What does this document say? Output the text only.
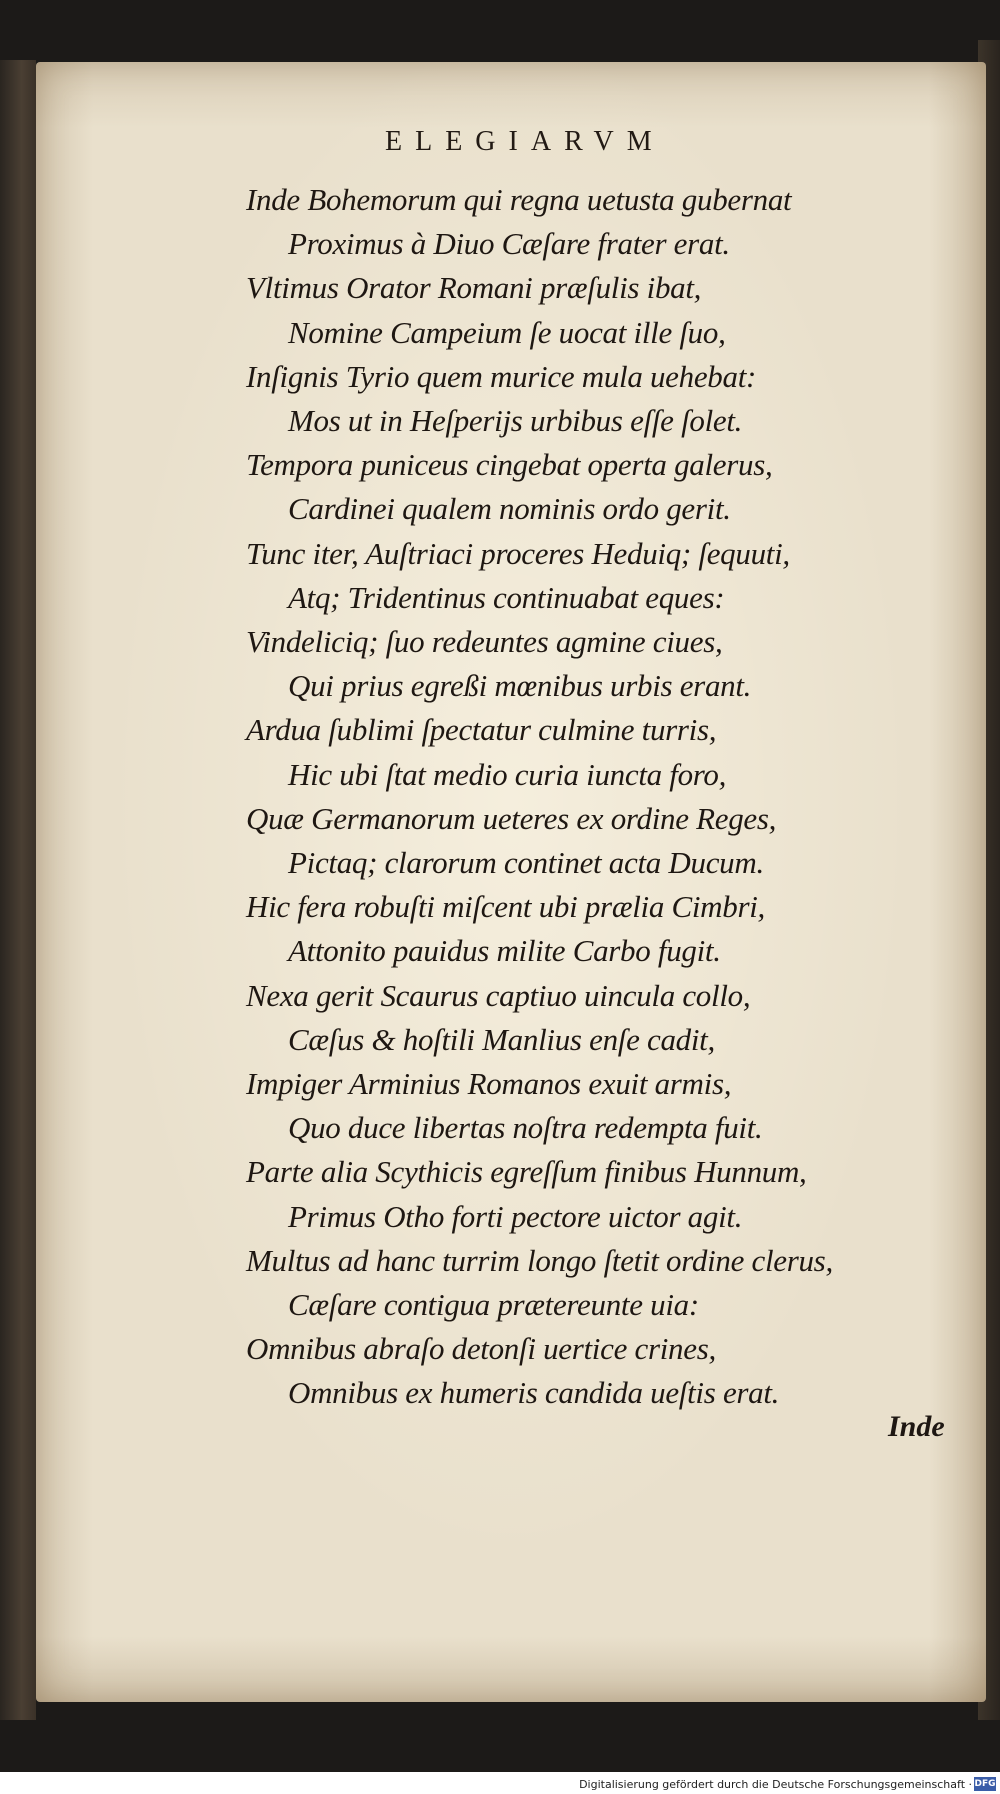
ELEGIARVM
Inde Bohemorum qui regna uetusta gubernat
Proximus à Diuo Cæſare frater erat.
Vltimus Orator Romani præſulis ibat,
Nomine Campeium ſe uocat ille ſuo,
Inſignis Tyrio quem murice mula uehebat:
Mos ut in Heſperijs urbibus eſſe ſolet.
Tempora puniceus cingebat operta galerus,
Cardinei qualem nominis ordo gerit.
Tunc iter, Auſtriaci proceres Heduiq; ſequuti,
Atq; Tridentinus continuabat eques:
Vindeliciq; ſuo redeuntes agmine ciues,
Qui prius egreßi mœnibus urbis erant.
Ardua ſublimi ſpectatur culmine turris,
Hic ubi ſtat medio curia iuncta foro,
Quæ Germanorum ueteres ex ordine Reges,
Pictaq; clarorum continet acta Ducum.
Hic fera robuſti miſcent ubi prælia Cimbri,
Attonito pauidus milite Carbo fugit.
Nexa gerit Scaurus captiuo uincula collo,
Cæſus & hoſtili Manlius enſe cadit,
Impiger Arminius Romanos exuit armis,
Quo duce libertas noſtra redempta fuit.
Parte alia Scythicis egreſſum finibus Hunnum,
Primus Otho forti pectore uictor agit.
Multus ad hanc turrim longo ſtetit ordine clerus,
Cæſare contigua prætereunte uia:
Omnibus abraſo detonſi uertice crines,
Omnibus ex humeris candida ueſtis erat.
Inde
Digitalisierung gefördert durch die Deutsche Forschungsgemeinschaft · DFG
